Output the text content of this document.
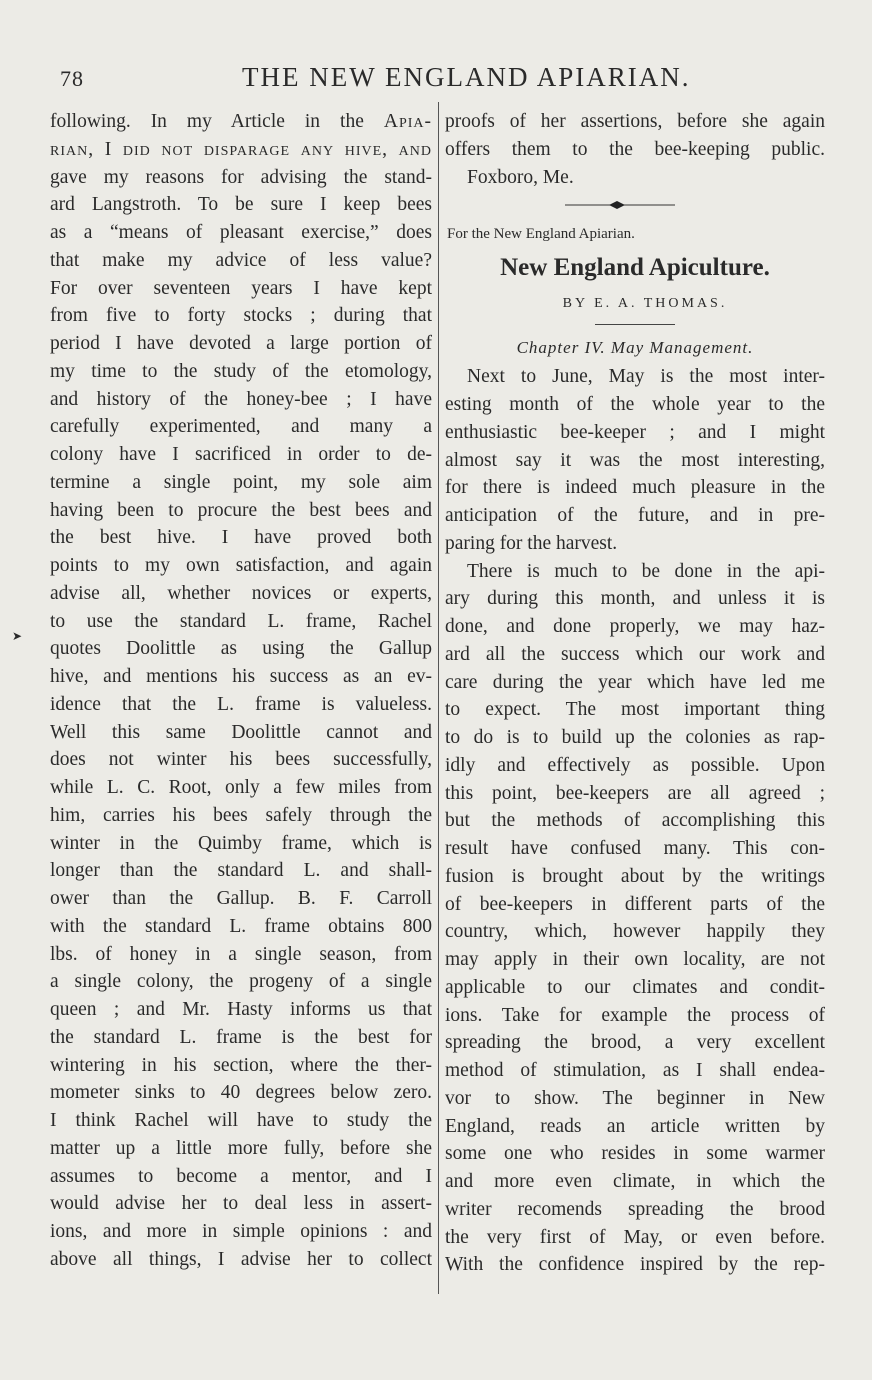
78	THE NEW ENGLAND APIARIAN.
➤
following. In my Article in the Apia-
rian, I did not disparage any hive, and
gave my reasons for advising the stand-
ard Langstroth. To be sure I keep bees
as a “means of pleasant exercise,” does
that make my advice of less value?
For over seventeen years I have kept
from five to forty stocks ; during that
period I have devoted a large portion of
my time to the study of the etomology,
and history of the honey-bee ; I have
carefully experimented, and many a
colony have I sacrificed in order to de-
termine a single point, my sole aim
having been to procure the best bees and
the best hive. I have proved both
points to my own satisfaction, and again
advise all, whether novices or experts,
to use the standard L. frame, Rachel
quotes Doolittle as using the Gallup
hive, and mentions his success as an ev-
idence that the L. frame is valueless.
Well this same Doolittle cannot and
does not winter his bees successfully,
while L. C. Root, only a few miles from
him, carries his bees safely through the
winter in the Quimby frame, which is
longer than the standard L. and shall-
ower than the Gallup. B. F. Carroll
with the standard L. frame obtains 800
lbs. of honey in a single season, from
a single colony, the progeny of a single
queen ; and Mr. Hasty informs us that
the standard L. frame is the best for
wintering in his section, where the ther-
mometer sinks to 40 degrees below zero.
I think Rachel will have to study the
matter up a little more fully, before she
assumes to become a mentor, and I
would advise her to deal less in assert-
ions, and more in simple opinions : and
above all things, I advise her to collect
proofs of her assertions, before she again
offers them to the bee-keeping public.
Foxboro, Me.
For the New England Apiarian.
New England Apiculture.
BY E. A. THOMAS.
Chapter IV. May Management.
Next to June, May is the most inter-
esting month of the whole year to the
enthusiastic bee-keeper ; and I might
almost say it was the most interesting,
for there is indeed much pleasure in the
anticipation of the future, and in pre-
paring for the harvest.
There is much to be done in the api-
ary during this month, and unless it is
done, and done properly, we may haz-
ard all the success which our work and
care during the year which have led me
to expect. The most important thing
to do is to build up the colonies as rap-
idly and effectively as possible. Upon
this point, bee-keepers are all agreed ;
but the methods of accomplishing this
result have confused many. This con-
fusion is brought about by the writings
of bee-keepers in different parts of the
country, which, however happily they
may apply in their own locality, are not
applicable to our climates and condit-
ions. Take for example the process of
spreading the brood, a very excellent
method of stimulation, as I shall endea-
vor to show. The beginner in New
England, reads an article written by
some one who resides in some warmer
and more even climate, in which the
writer recomends spreading the brood
the very first of May, or even before.
With the confidence inspired by the rep-
